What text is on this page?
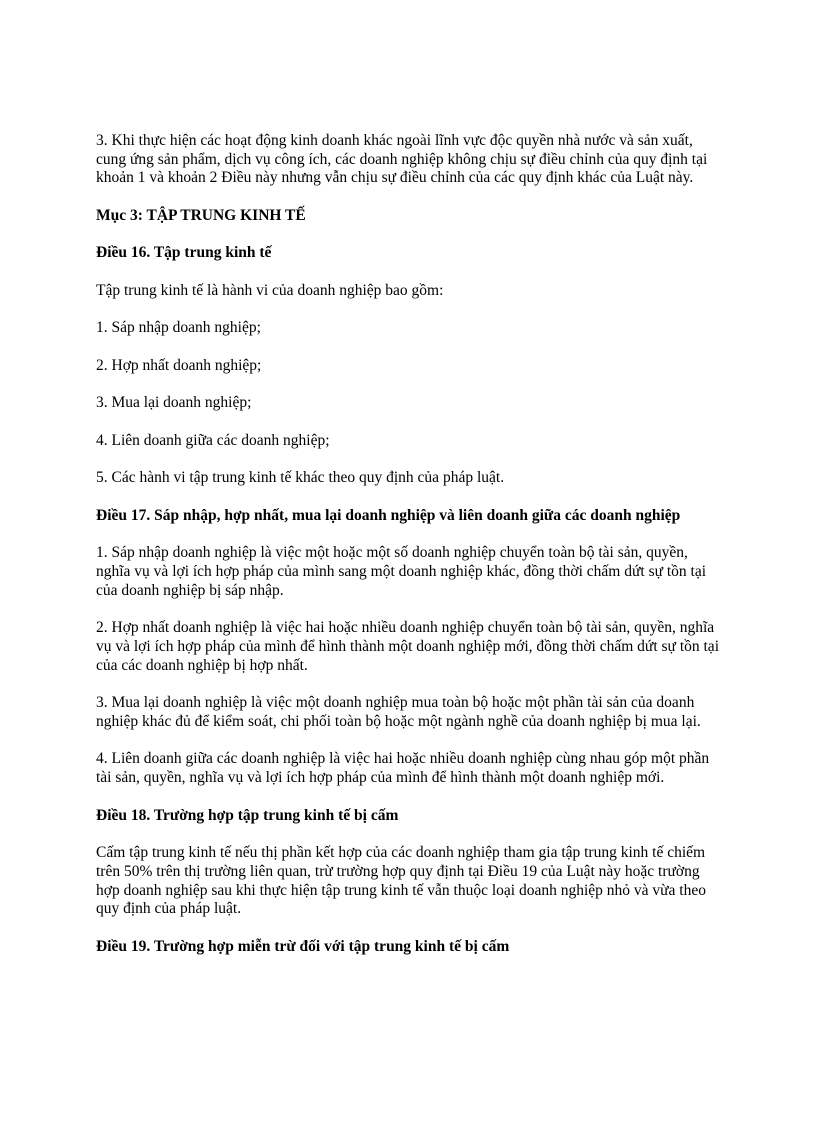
3. Khi thực hiện các hoạt động kinh doanh khác ngoài lĩnh vực độc quyền nhà nước và sản xuất, cung ứng sản phẩm, dịch vụ công ích, các doanh nghiệp không chịu sự điều chỉnh của quy định tại khoản 1 và khoản 2 Điều này nhưng vẫn chịu sự điều chỉnh của các quy định khác của Luật này.

Mục 3: TẬP TRUNG KINH TẾ

Điều 16. Tập trung kinh tế

Tập trung kinh tế là hành vi của doanh nghiệp bao gồm:

1. Sáp nhập doanh nghiệp;

2. Hợp nhất doanh nghiệp;

3. Mua lại doanh nghiệp;

4. Liên doanh giữa các doanh nghiệp;

5. Các hành vi tập trung kinh tế khác theo quy định của pháp luật.

Điều 17. Sáp nhập, hợp nhất, mua lại doanh nghiệp và liên doanh giữa các doanh nghiệp

1. Sáp nhập doanh nghiệp là việc một hoặc một số doanh nghiệp chuyển toàn bộ tài sản, quyền, nghĩa vụ và lợi ích hợp pháp của mình sang một doanh nghiệp khác, đồng thời chấm dứt sự tồn tại của doanh nghiệp bị sáp nhập.

2. Hợp nhất doanh nghiệp là việc hai hoặc nhiều doanh nghiệp chuyển toàn bộ tài sản, quyền, nghĩa vụ và lợi ích hợp pháp của mình để hình thành một doanh nghiệp mới, đồng thời chấm dứt sự tồn tại của các doanh nghiệp bị hợp nhất.

3. Mua lại doanh nghiệp là việc một doanh nghiệp mua toàn bộ hoặc một phần tài sản của doanh nghiệp khác đủ để kiểm soát, chi phối toàn bộ hoặc một ngành nghề của doanh nghiệp bị mua lại.

4. Liên doanh giữa các doanh nghiệp là việc hai hoặc nhiều doanh nghiệp cùng nhau góp một phần tài sản, quyền, nghĩa vụ và lợi ích hợp pháp của mình để hình thành một doanh nghiệp mới.

Điều 18. Trường hợp tập trung kinh tế bị cấm

Cấm tập trung kinh tế nếu thị phần kết hợp của các doanh nghiệp tham gia tập trung kinh tế chiếm trên 50% trên thị trường liên quan, trừ trường hợp quy định tại Điều 19 của Luật này hoặc trường hợp doanh nghiệp sau khi thực hiện tập trung kinh tế vẫn thuộc loại doanh nghiệp nhỏ và vừa theo quy định của pháp luật.

Điều 19. Trường hợp miễn trừ đối với tập trung kinh tế bị cấm
